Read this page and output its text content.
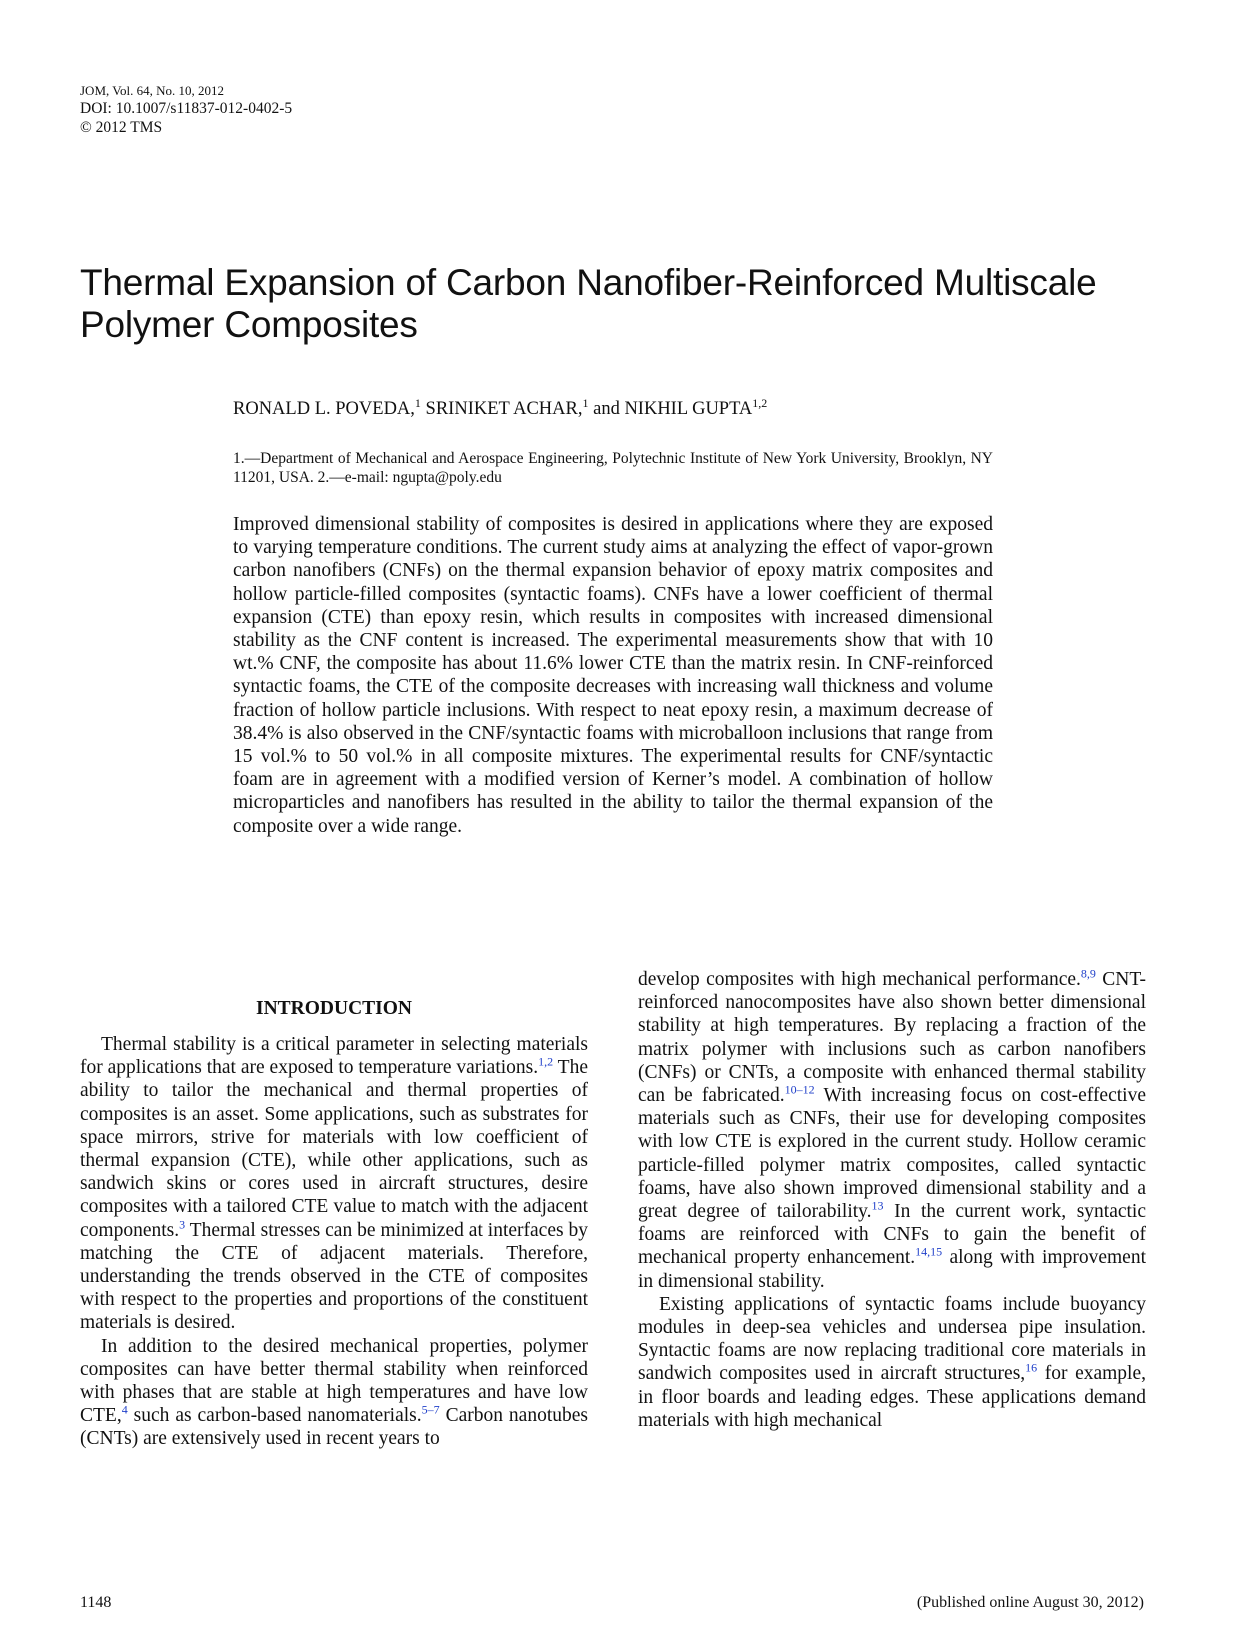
JOM, Vol. 64, No. 10, 2012
DOI: 10.1007/s11837-012-0402-5
© 2012 TMS
Thermal Expansion of Carbon Nanofiber-Reinforced Multiscale Polymer Composites
RONALD L. POVEDA,$^1$ SRINIKET ACHAR,$^1$ and NIKHIL GUPTA$^{1,2}$
1.—Department of Mechanical and Aerospace Engineering, Polytechnic Institute of New York University, Brooklyn, NY 11201, USA. 2.—e-mail: ngupta@poly.edu

Improved dimensional stability of composites is desired in applications where they are exposed to varying temperature conditions. The current study aims at analyzing the effect of vapor-grown carbon nanofibers (CNFs) on the thermal expansion behavior of epoxy matrix composites and hollow particle-filled composites (syntactic foams). CNFs have a lower coefficient of thermal expansion (CTE) than epoxy resin, which results in composites with increased dimensional stability as the CNF content is increased. The experimental measurements show that with 10 wt.% CNF, the composite has about 11.6% lower CTE than the matrix resin. In CNF-reinforced syntactic foams, the CTE of the composite decreases with increasing wall thickness and volume fraction of hollow particle inclusions. With respect to neat epoxy resin, a maximum decrease of 38.4% is also observed in the CNF/syntactic foams with microballoon inclusions that range from 15 vol.% to 50 vol.% in all composite mixtures. The experimental results for CNF/syntactic foam are in agreement with a modified version of Kerner’s model. A combination of hollow microparticles and nanofibers has resulted in the ability to tailor the thermal expansion of the composite over a wide range.

INTRODUCTION

Thermal stability is a critical parameter in selecting materials for applications that are exposed to temperature variations.$^{1,2}$ The ability to tailor the mechanical and thermal properties of composites is an asset. Some applications, such as substrates for space mirrors, strive for materials with low coefficient of thermal expansion (CTE), while other applications, such as sandwich skins or cores used in aircraft structures, desire composites with a tailored CTE value to match with the adjacent components.$^3$ Thermal stresses can be minimized at interfaces by matching the CTE of adjacent materials. Therefore, understanding the trends observed in the CTE of composites with respect to the properties and proportions of the constituent materials is desired.

In addition to the desired mechanical properties, polymer composites can have better thermal stability when reinforced with phases that are stable at high temperatures and have low CTE,$^4$ such as carbon-based nanomaterials.$^{5-7}$ Carbon nanotubes (CNTs) are extensively used in recent years to

develop composites with high mechanical performance.$^{8,9}$ CNT-reinforced nanocomposites have also shown better dimensional stability at high temperatures. By replacing a fraction of the matrix polymer with inclusions such as carbon nanofibers (CNFs) or CNTs, a composite with enhanced thermal stability can be fabricated.$^{10-12}$ With increasing focus on cost-effective materials such as CNFs, their use for developing composites with low CTE is explored in the current study. Hollow ceramic particle-filled polymer matrix composites, called syntactic foams, have also shown improved dimensional stability and a great degree of tailorability.$^{13}$ In the current work, syntactic foams are reinforced with CNFs to gain the benefit of mechanical property enhancement.$^{14,15}$ along with improvement in dimensional stability.

Existing applications of syntactic foams include buoyancy modules in deep-sea vehicles and undersea pipe insulation. Syntactic foams are now replacing traditional core materials in sandwich composites used in aircraft structures,$^{16}$ for example, in floor boards and leading edges. These applications demand materials with high mechanical

1148	(Published online August 30, 2012)
